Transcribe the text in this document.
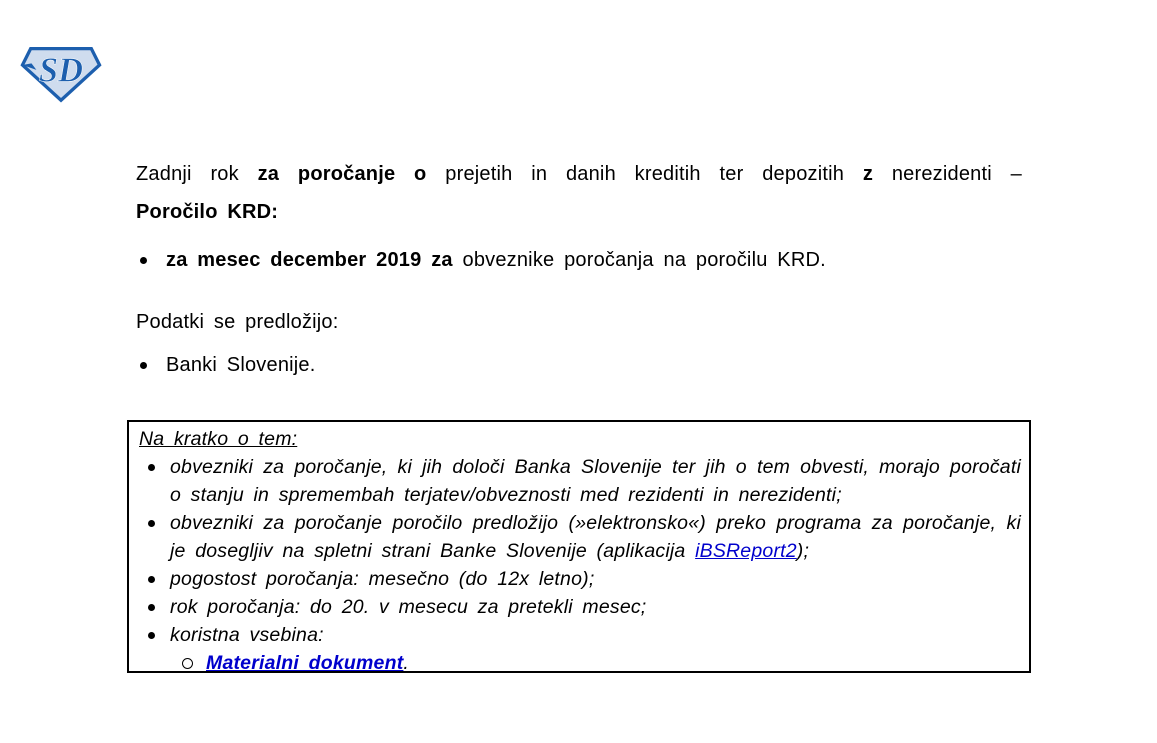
SD

Zadnji rok za poročanje o prejetih in danih kreditih ter depozitih z nerezidenti –

Poročilo KRD:

za mesec december 2019 za obveznike poročanja na poročilu KRD.

Podatki se predložijo:

Banki Slovenije.

Na kratko o tem:

obvezniki za poročanje, ki jih določi Banka Slovenije ter jih o tem obvesti, morajo poročati o stanju in spremembah terjatev/obveznosti med rezidenti in nerezidenti;
obvezniki za poročanje poročilo predložijo (»elektronsko«) preko programa za poročanje, ki je dosegljiv na spletni strani Banke Slovenije (aplikacija iBSReport2);
pogostost poročanja: mesečno (do 12x letno);
rok poročanja: do 20. v mesecu za pretekli mesec;
koristna vsebina:
Materialni dokument.
